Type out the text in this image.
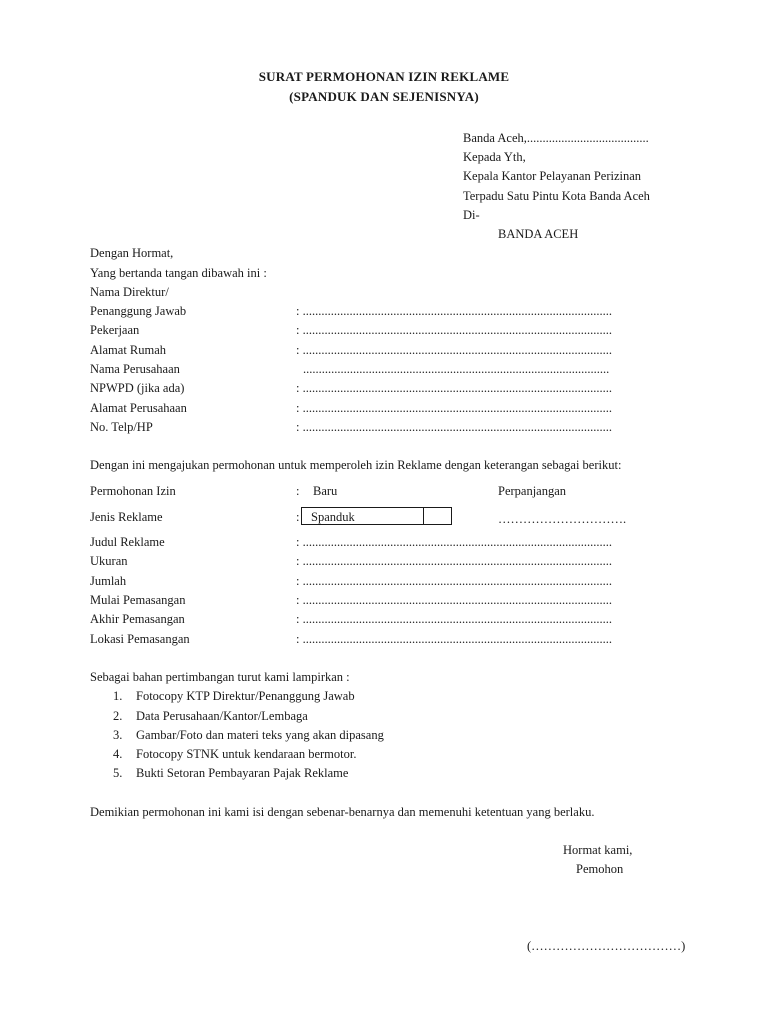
SURAT PERMOHONAN IZIN REKLAME
(SPANDUK DAN SEJENISNYA)
Banda Aceh,.......................................
Kepada Yth,
Kepala Kantor Pelayanan Perizinan
Terpadu Satu Pintu Kota Banda Aceh
Di-
BANDA ACEH
Dengan Hormat,
Yang bertanda tangan dibawah ini :
Nama Direktur/
Penanggung Jawab	: ...................................................................................................
Pekerjaan	: ...................................................................................................
Alamat Rumah	: ...................................................................................................
Nama Perusahaan	..................................................................................................
NPWPD (jika ada)	: ...................................................................................................
Alamat Perusahaan	: ...................................................................................................
No. Telp/HP	: ...................................................................................................
Dengan ini mengajukan permohonan untuk memperoleh izin Reklame dengan keterangan sebagai berikut:
Permohonan Izin	: Baru	Perpanjangan
Jenis Reklame	: Spanduk	………………………….
Judul Reklame	: ...................................................................................................
Ukuran	: ...................................................................................................
Jumlah	: ...................................................................................................
Mulai Pemasangan	: ...................................................................................................
Akhir Pemasangan	: ...................................................................................................
Lokasi Pemasangan	: ...................................................................................................
Sebagai bahan pertimbangan turut kami lampirkan :
1. Fotocopy KTP Direktur/Penanggung Jawab
2. Data Perusahaan/Kantor/Lembaga
3. Gambar/Foto dan materi teks yang akan dipasang
4. Fotocopy STNK untuk kendaraan bermotor.
5. Bukti Setoran Pembayaran Pajak Reklame
Demikian permohonan ini kami isi dengan sebenar-benarnya dan memenuhi ketentuan yang berlaku.
Hormat kami,
Pemohon
(………………………………)
